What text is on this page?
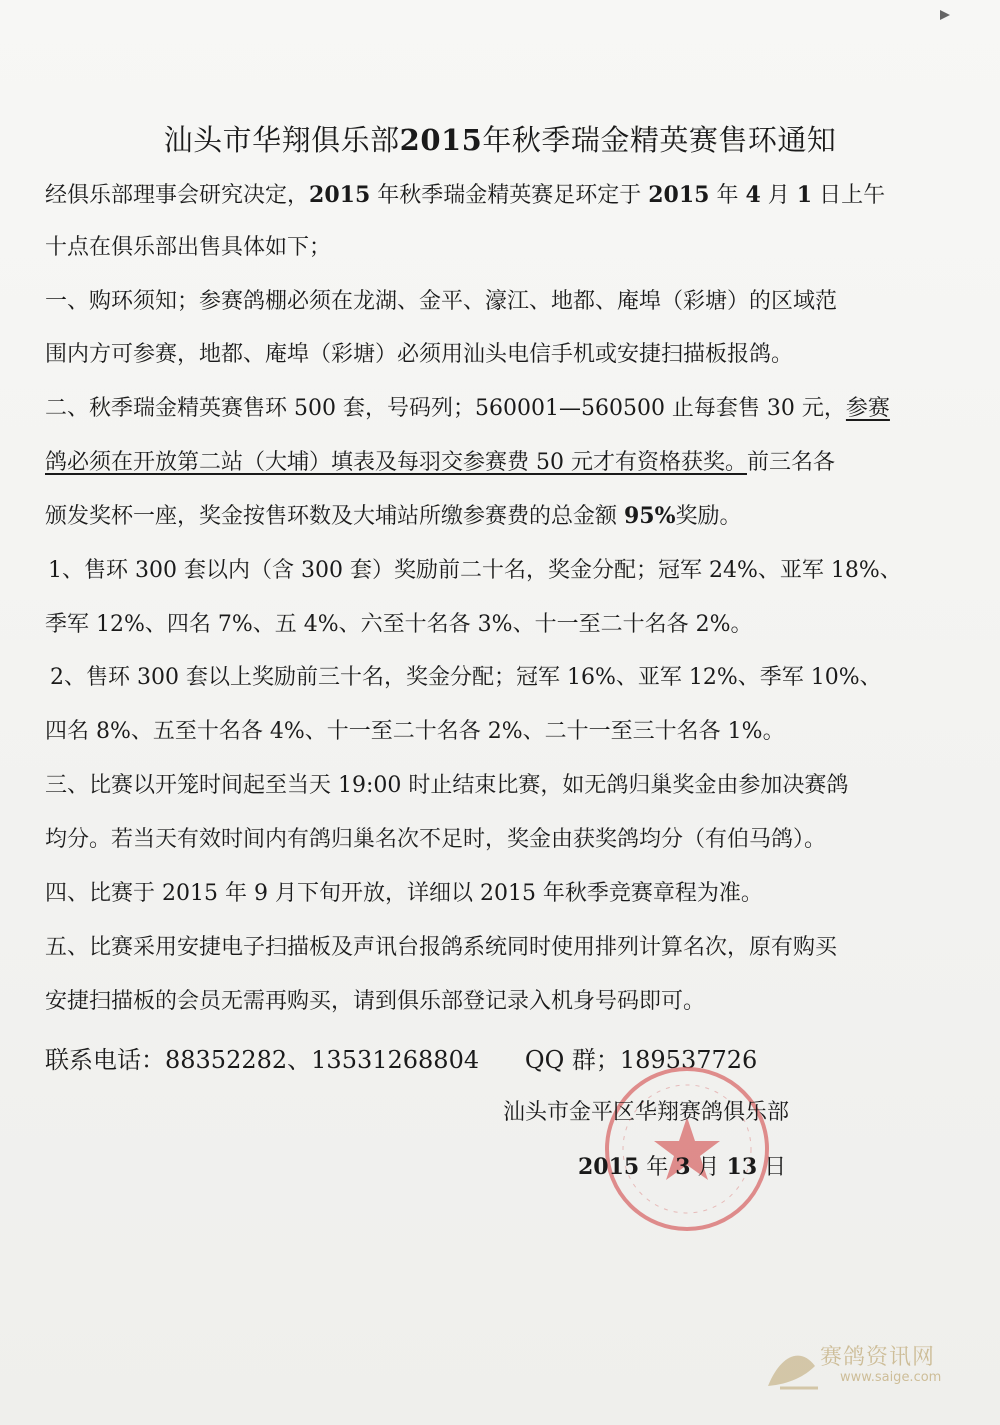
汕头市华翔俱乐部2015年秋季瑞金精英赛售环通知
经俱乐部理事会研究决定，2015 年秋季瑞金精英赛足环定于 2015 年 4 月 1 日上午
十点在俱乐部出售具体如下；
一、购环须知；参赛鸽棚必须在龙湖、金平、濠江、地都、庵埠（彩塘）的区域范
围内方可参赛，地都、庵埠（彩塘）必须用汕头电信手机或安捷扫描板报鸽。
二、秋季瑞金精英赛售环 500 套，号码列；560001—560500 止每套售 30 元，参赛
鸽必须在开放第二站（大埔）填表及每羽交参赛费 50 元才有资格获奖。前三名各
颁发奖杯一座，奖金按售环数及大埔站所缴参赛费的总金额 95%奖励。
1、售环 300 套以内（含 300 套）奖励前二十名，奖金分配；冠军 24%、亚军 18%、
季军 12%、四名 7%、五 4%、六至十名各 3%、十一至二十名各 2%。
2、售环 300 套以上奖励前三十名，奖金分配；冠军 16%、亚军 12%、季军 10%、
四名 8%、五至十名各 4%、十一至二十名各 2%、二十一至三十名各 1%。
三、比赛以开笼时间起至当天 19:00 时止结束比赛，如无鸽归巢奖金由参加决赛鸽
均分。若当天有效时间内有鸽归巢名次不足时，奖金由获奖鸽均分（有伯马鸽）。
四、比赛于 2015 年 9 月下旬开放，详细以 2015 年秋季竞赛章程为准。
五、比赛采用安捷电子扫描板及声讯台报鸽系统同时使用排列计算名次，原有购买
安捷扫描板的会员无需再购买，请到俱乐部登记录入机身号码即可。
联系电话：88352282、13531268804      QQ 群；189537726
汕头市金平区华翔赛鸽俱乐部
2015 年 3 月 13 日
赛鸽资讯网
www.saige.com
